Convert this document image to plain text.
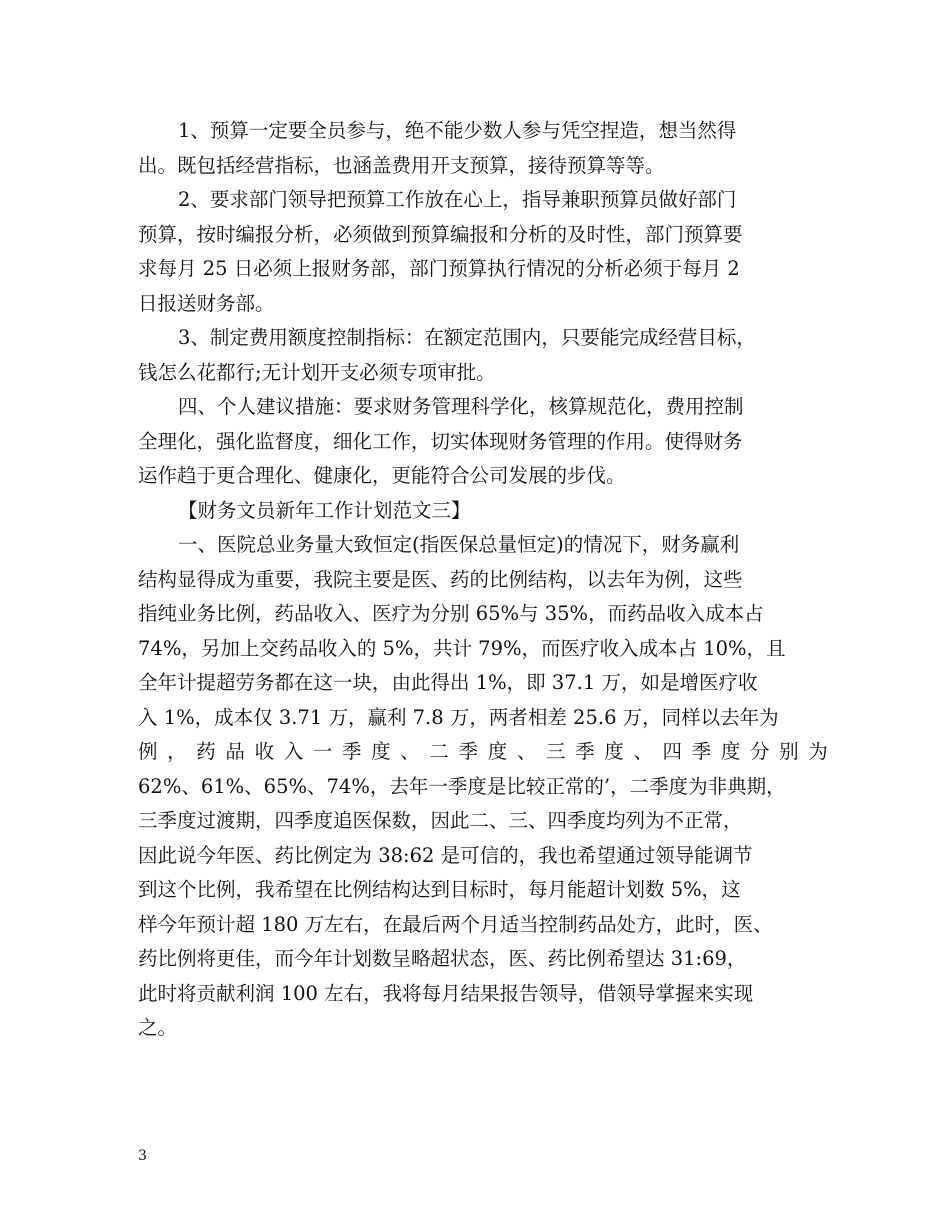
1、预算一定要全员参与，绝不能少数人参与凭空捏造，想当然得
出。既包括经营指标，也涵盖费用开支预算，接待预算等等。
2、要求部门领导把预算工作放在心上，指导兼职预算员做好部门
预算，按时编报分析，必须做到预算编报和分析的及时性，部门预算要
求每月 25 日必须上报财务部，部门预算执行情况的分析必须于每月 2
日报送财务部。
3、制定费用额度控制指标：在额定范围内，只要能完成经营目标，
钱怎么花都行;无计划开支必须专项审批。
四、个人建议措施：要求财务管理科学化，核算规范化，费用控制
全理化，强化监督度，细化工作，切实体现财务管理的作用。使得财务
运作趋于更合理化、健康化，更能符合公司发展的步伐。
【财务文员新年工作计划范文三】
一、医院总业务量大致恒定(指医保总量恒定)的情况下，财务赢利
结构显得成为重要，我院主要是医、药的比例结构，以去年为例，这些
指纯业务比例，药品收入、医疗为分别 65%与 35%，而药品收入成本占
74%，另加上交药品收入的 5%，共计 79%，而医疗收入成本占 10%，且
全年计提超劳务都在这一块，由此得出 1%，即 37.1 万，如是增医疗收
入 1%，成本仅 3.71 万，赢利 7.8 万，两者相差 25.6 万，同样以去年为
例 ， 药 品 收 入 一 季 度 、 二 季 度 、 三 季 度 、 四 季 度 分 别 为
62%、61%、65%、74%，去年一季度是比较正常的’，二季度为非典期，
三季度过渡期，四季度追医保数，因此二、三、四季度均列为不正常，
因此说今年医、药比例定为 38:62 是可信的，我也希望通过领导能调节
到这个比例，我希望在比例结构达到目标时，每月能超计划数 5%，这
样今年预计超 180 万左右，在最后两个月适当控制药品处方，此时，医、
药比例将更佳，而今年计划数呈略超状态，医、药比例希望达 31:69，
此时将贡献利润 100 左右，我将每月结果报告领导，借领导掌握来实现
之。
3
